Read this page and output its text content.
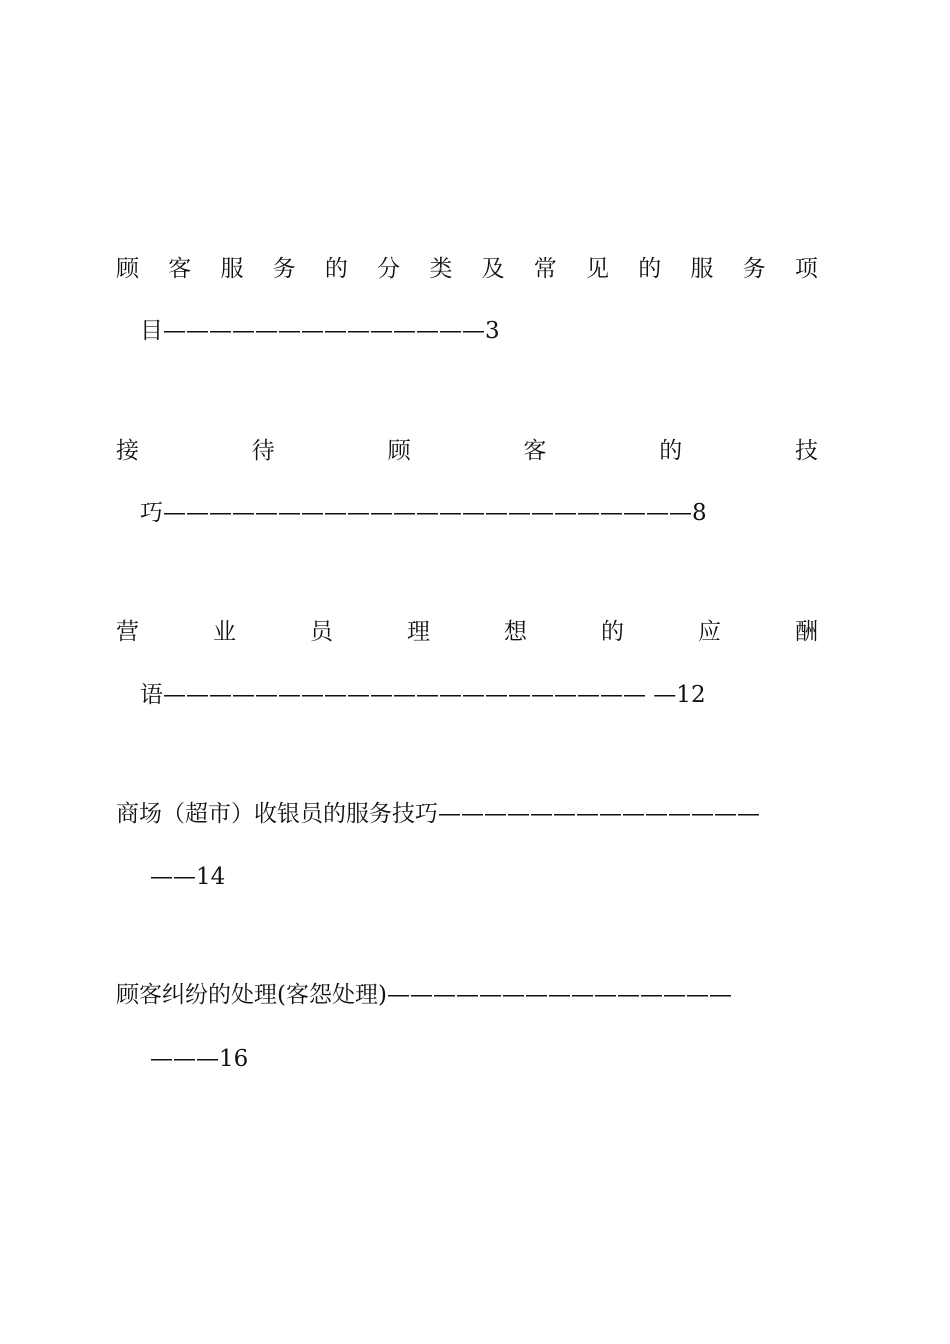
顾 客 服 务 的 分 类 及 常 见 的 服 务 项
目——————————————3
接	待	顾	客	的	技
巧———————————————————————8
营	业	员	理	想	的	应	酬
语————————————————————— —12
商场（超市）收银员的服务技巧——————————————
——14
顾客纠纷的处理(客怨处理)———————————————
———16
